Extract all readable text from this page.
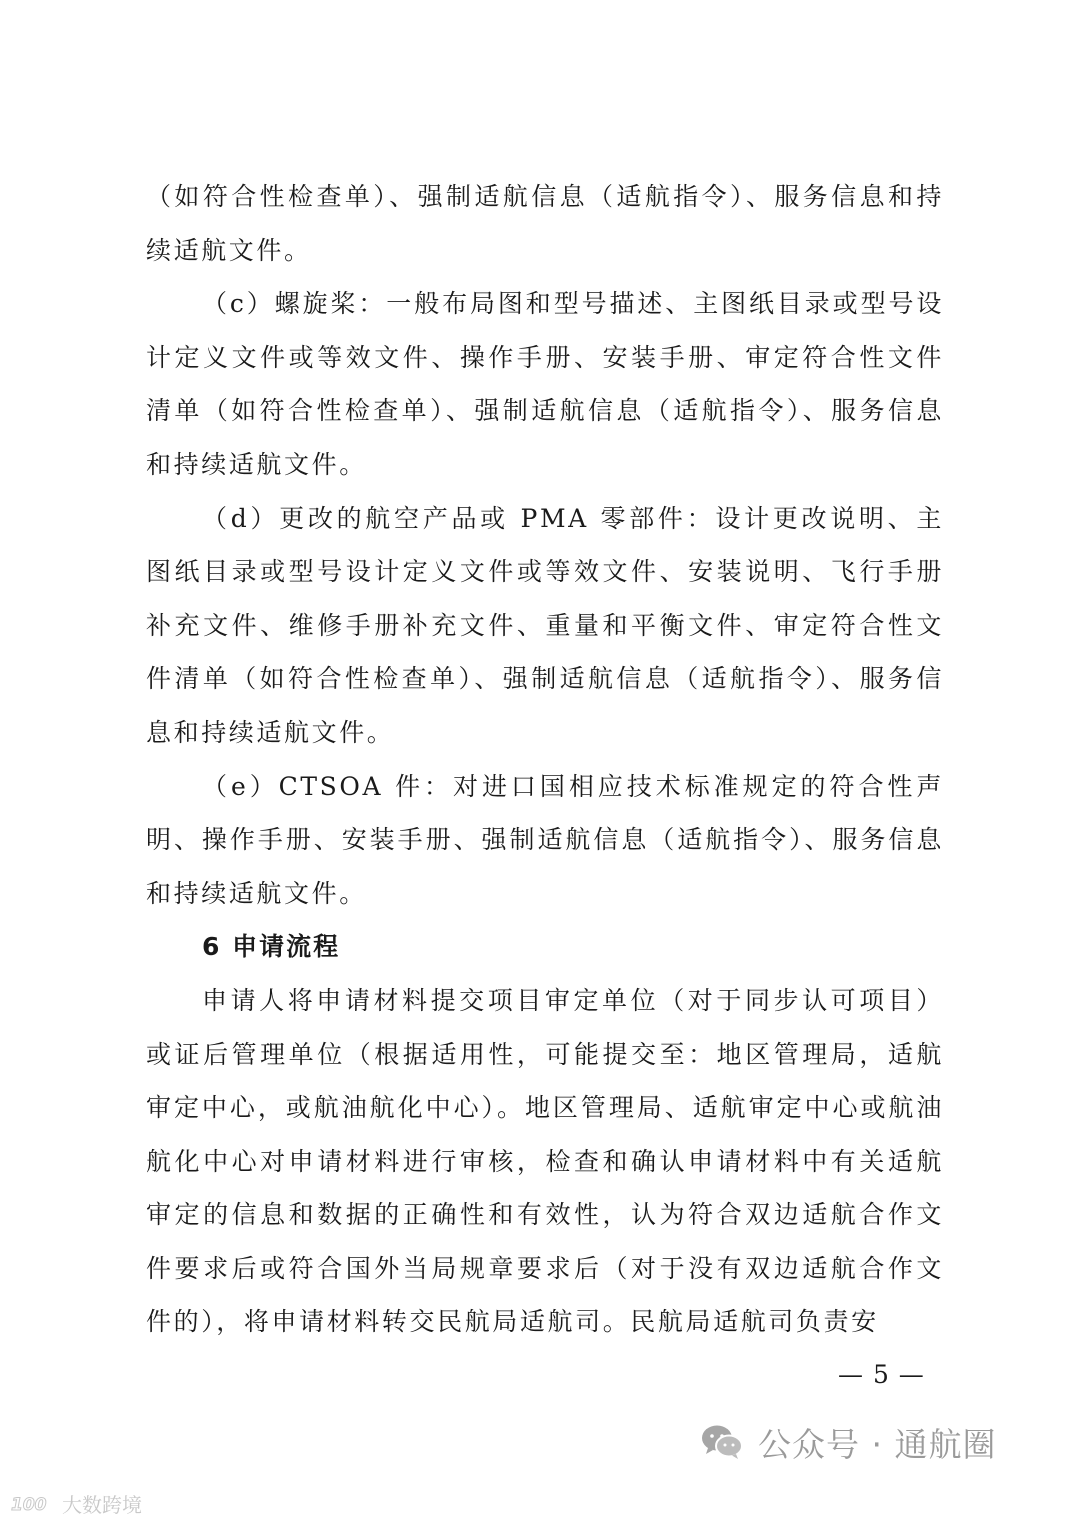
（如符合性检查单）、强制适航信息（适航指令）、服务信息和持续适航文件。

（c）螺旋桨：一般布局图和型号描述、主图纸目录或型号设计定义文件或等效文件、操作手册、安装手册、审定符合性文件清单（如符合性检查单）、强制适航信息（适航指令）、服务信息和持续适航文件。

（d）更改的航空产品或 PMA 零部件：设计更改说明、主图纸目录或型号设计定义文件或等效文件、安装说明、飞行手册补充文件、维修手册补充文件、重量和平衡文件、审定符合性文件清单（如符合性检查单）、强制适航信息（适航指令）、服务信息和持续适航文件。

（e）CTSOA 件：对进口国相应技术标准规定的符合性声明、操作手册、安装手册、强制适航信息（适航指令）、服务信息和持续适航文件。

6 申请流程

申请人将申请材料提交项目审定单位（对于同步认可项目）或证后管理单位（根据适用性，可能提交至：地区管理局，适航审定中心，或航油航化中心）。地区管理局、适航审定中心或航油航化中心对申请材料进行审核，检查和确认申请材料中有关适航审定的信息和数据的正确性和有效性，认为符合双边适航合作文件要求后或符合国外当局规章要求后（对于没有双边适航合作文件的），将申请材料转交民航局适航司。民航局适航司负责安

— 5 —
公众号 · 通航圈
100 大数跨境
